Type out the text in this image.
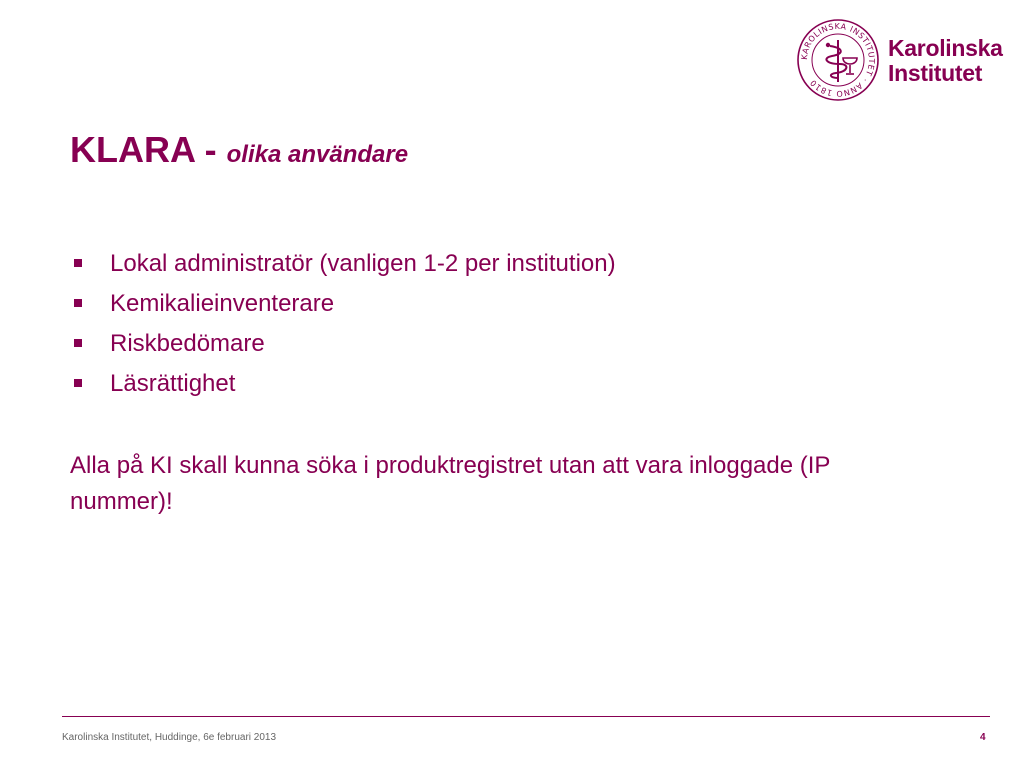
KAROLINSKA INSTITUTET · ANNO 1810
Karolinska
Institutet
KLARA - olika användare
Lokal administratör (vanligen 1-2 per institution)
Kemikalieinventerare
Riskbedömare
Läsrättighet
Alla på KI skall kunna söka i produktregistret utan att vara inloggade (IP nummer)!
Karolinska Institutet, Huddinge, 6e februari 2013	4
